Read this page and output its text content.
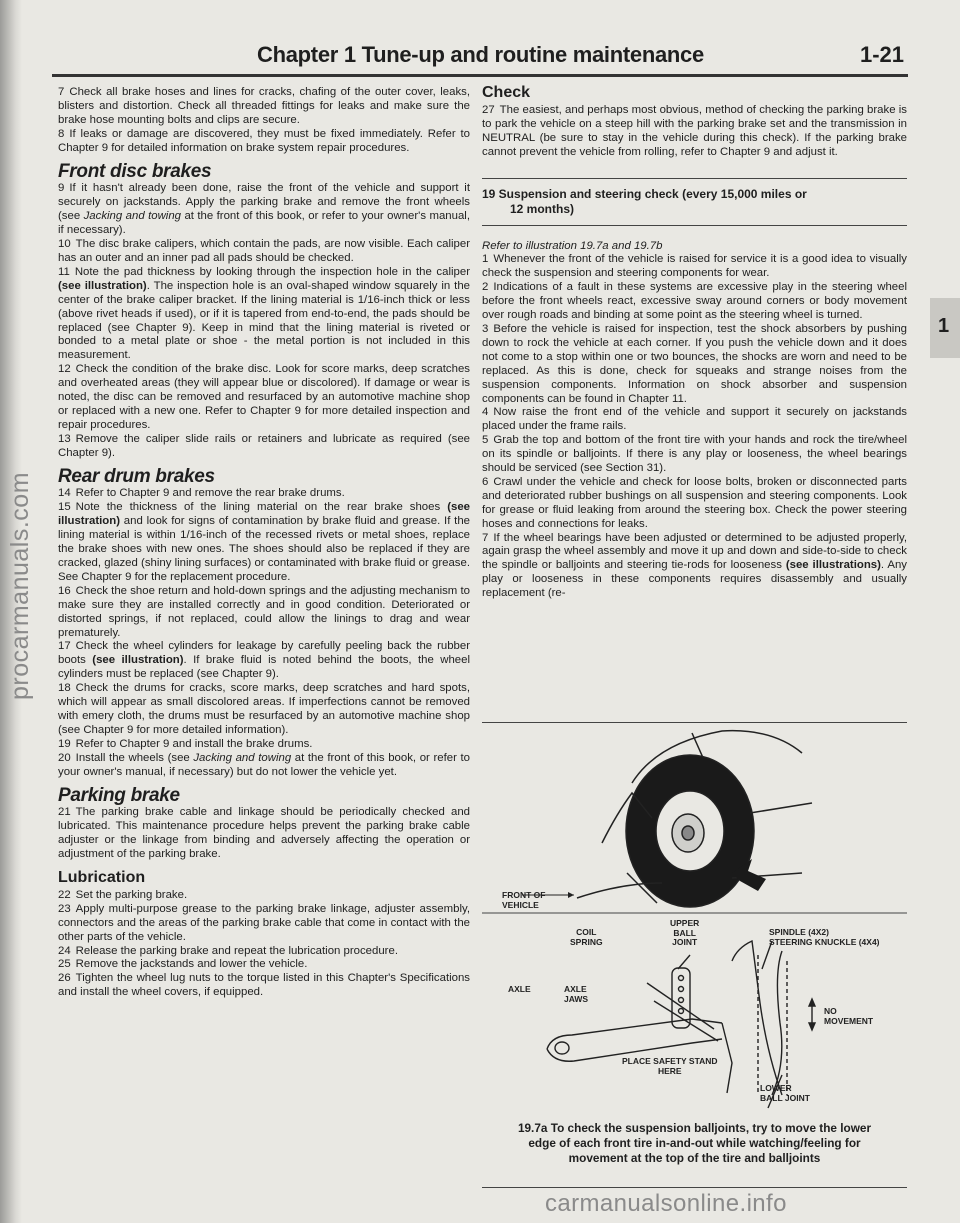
procarmanuals.com
Chapter 1 Tune-up and routine maintenance	1-21
1

7 Check all brake hoses and lines for cracks, chafing of the outer cover, leaks, blisters and distortion. Check all threaded fittings for leaks and make sure the brake hose mounting bolts and clips are secure.

8 If leaks or damage are discovered, they must be fixed immediately. Refer to Chapter 9 for detailed information on brake system repair procedures.

Front disc brakes

9 If it hasn't already been done, raise the front of the vehicle and support it securely on jackstands. Apply the parking brake and remove the front wheels (see Jacking and towing at the front of this book, or refer to your owner's manual, if necessary).

10 The disc brake calipers, which contain the pads, are now visible. Each caliper has an outer and an inner pad all pads should be checked.

11 Note the pad thickness by looking through the inspection hole in the caliper (see illustration). The inspection hole is an oval-shaped window squarely in the center of the brake caliper bracket. If the lining material is 1/16-inch thick or less (above rivet heads if used), or if it is tapered from end-to-end, the pads should be replaced (see Chapter 9). Keep in mind that the lining material is riveted or bonded to a metal plate or shoe - the metal portion is not included in this measurement.

12 Check the condition of the brake disc. Look for score marks, deep scratches and overheated areas (they will appear blue or discolored). If damage or wear is noted, the disc can be removed and resurfaced by an automotive machine shop or replaced with a new one. Refer to Chapter 9 for more detailed inspection and repair procedures.

13 Remove the caliper slide rails or retainers and lubricate as required (see Chapter 9).

Rear drum brakes

14 Refer to Chapter 9 and remove the rear brake drums.

15 Note the thickness of the lining material on the rear brake shoes (see illustration) and look for signs of contamination by brake fluid and grease. If the lining material is within 1/16-inch of the recessed rivets or metal shoes, replace the brake shoes with new ones. The shoes should also be replaced if they are cracked, glazed (shiny lining surfaces) or contaminated with brake fluid or grease. See Chapter 9 for the replacement procedure.

16 Check the shoe return and hold-down springs and the adjusting mechanism to make sure they are installed correctly and in good condition. Deteriorated or distorted springs, if not replaced, could allow the linings to drag and wear prematurely.

17 Check the wheel cylinders for leakage by carefully peeling back the rubber boots (see illustration). If brake fluid is noted behind the boots, the wheel cylinders must be replaced (see Chapter 9).

18 Check the drums for cracks, score marks, deep scratches and hard spots, which will appear as small discolored areas. If imperfections cannot be removed with emery cloth, the drums must be resurfaced by an automotive machine shop (see Chapter 9 for more detailed information).

19 Refer to Chapter 9 and install the brake drums.

20 Install the wheels (see Jacking and towing at the front of this book, or refer to your owner's manual, if necessary) but do not lower the vehicle yet.

Parking brake

21 The parking brake cable and linkage should be periodically checked and lubricated. This maintenance procedure helps prevent the parking brake cable adjuster or the linkage from binding and adversely affecting the operation or adjustment of the parking brake.

Lubrication

22 Set the parking brake.

23 Apply multi-purpose grease to the parking brake linkage, adjuster assembly, connectors and the areas of the parking brake cable that come in contact with the other parts of the vehicle.

24 Release the parking brake and repeat the lubrication procedure.

25 Remove the jackstands and lower the vehicle.

26 Tighten the wheel lug nuts to the torque listed in this Chapter's Specifications and install the wheel covers, if equipped.

Check

27 The easiest, and perhaps most obvious, method of checking the parking brake is to park the vehicle on a steep hill with the parking brake set and the transmission in NEUTRAL (be sure to stay in the vehicle during this check). If the parking brake cannot prevent the vehicle from rolling, refer to Chapter 9 and adjust it.

19 Suspension and steering check (every 15,000 miles or
12 months)

Refer to illustration 19.7a and 19.7b

1 Whenever the front of the vehicle is raised for service it is a good idea to visually check the suspension and steering components for wear.

2 Indications of a fault in these systems are excessive play in the steering wheel before the front wheels react, excessive sway around corners or body movement over rough roads and binding at some point as the steering wheel is turned.

3 Before the vehicle is raised for inspection, test the shock absorbers by pushing down to rock the vehicle at each corner. If you push the vehicle down and it does not come to a stop within one or two bounces, the shocks are worn and need to be replaced. As this is done, check for squeaks and strange noises from the suspension components. Information on shock absorber and suspension components can be found in Chapter 11.

4 Now raise the front end of the vehicle and support it securely on jackstands placed under the frame rails.

5 Grab the top and bottom of the front tire with your hands and rock the tire/wheel on its spindle or balljoints. If there is any play or looseness, the wheel bearings should be serviced (see Section 31).

6 Crawl under the vehicle and check for loose bolts, broken or disconnected parts and deteriorated rubber bushings on all suspension and steering components. Look for grease or fluid leaking from around the steering box. Check the power steering hoses and connections for leaks.

7 If the wheel bearings have been adjusted or determined to be adjusted properly, again grasp the wheel assembly and move it up and down and side-to-side to check the spindle or balljoints and steering tie-rods for looseness (see illustrations). Any play or looseness in these components requires disassembly and usually replacement (re-

FRONT OF
VEHICLE
COIL
SPRING
UPPER
BALL
JOINT
SPINDLE (4X2)
STEERING KNUCKLE (4X4)
AXLE	AXLE
JAWS
NO
MOVEMENT
PLACE SAFETY STAND
HERE
LOWER
BALL JOINT
19.7a To check the suspension balljoints, try to move the lower
edge of each front tire in-and-out while watching/feeling for
movement at the top of the tire and balljoints
carmanualsonline.info
